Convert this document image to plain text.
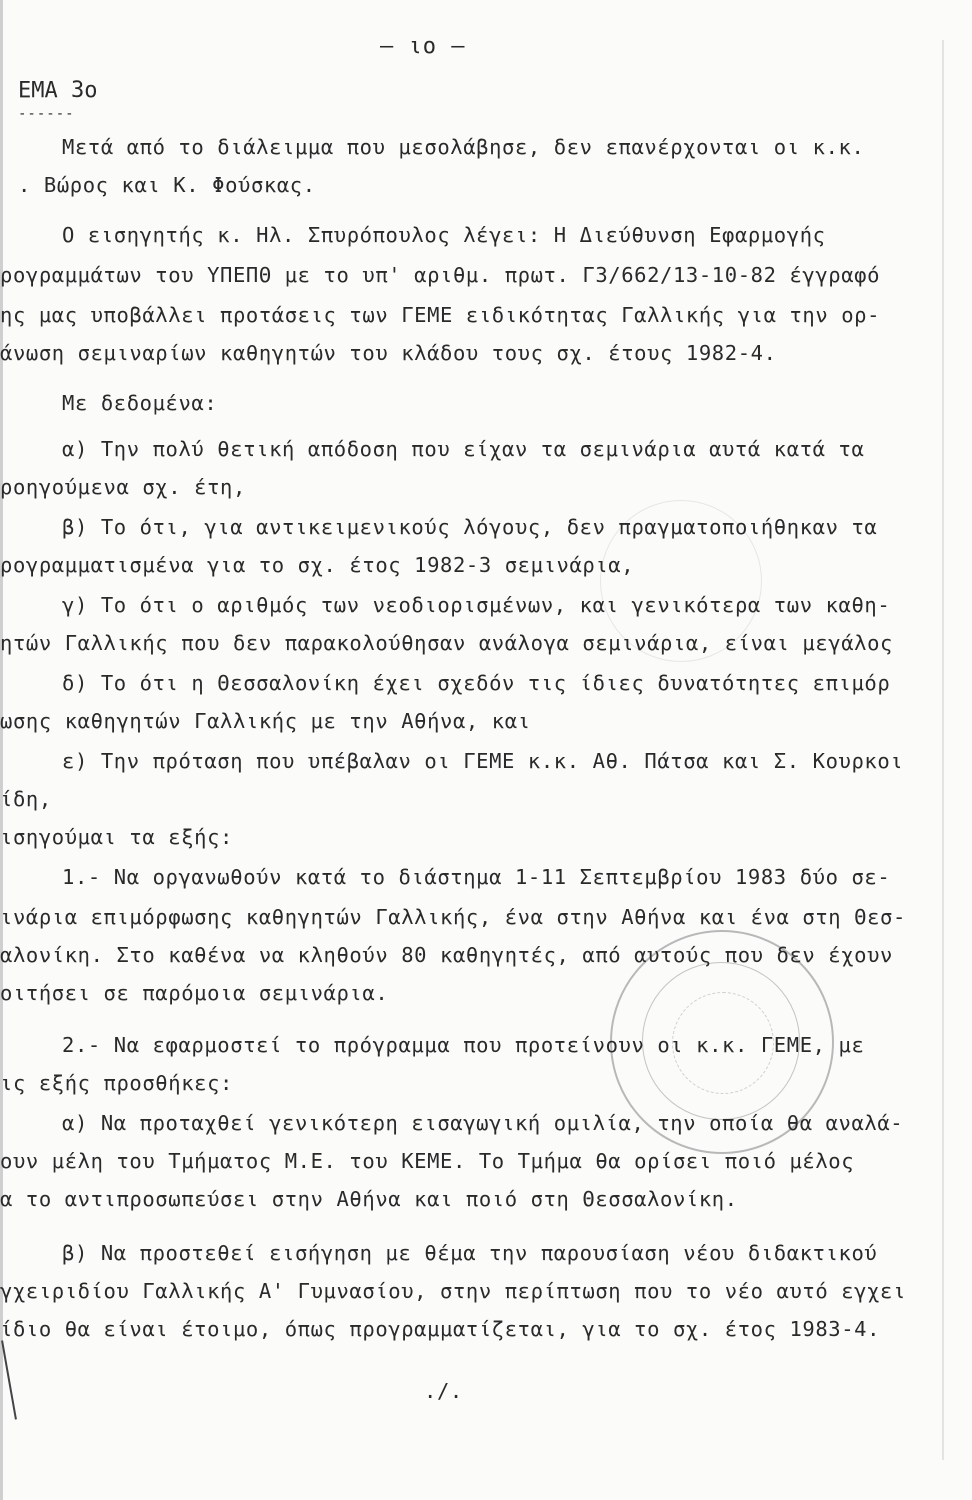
– ιο –
ΕΜΑ 3ο
------
Μετά από το διάλειμμα που μεσολάβησε, δεν επανέρχονται οι κ.κ.
. Βώρος και Κ. Φούσκας.
Ο εισηγητής κ. Ηλ. Σπυρόπουλος λέγει: Η Διεύθυνση Εφαρμογής
ρογραμμάτων του ΥΠΕΠΘ με το υπ' αριθμ. πρωτ. Γ3/662/13-10-82 έγγραφό
ης μας υποβάλλει προτάσεις των ΓΕΜΕ ειδικότητας Γαλλικής για την ορ-
άνωση σεμιναρίων καθηγητών του κλάδου τους σχ. έτους 1982-4.
Με δεδομένα:
α) Την πολύ θετική απόδοση που είχαν τα σεμινάρια αυτά κατά τα
ροηγούμενα σχ. έτη,
β) Το ότι, για αντικειμενικούς λόγους, δεν πραγματοποιήθηκαν τα
ρογραμματισμένα για το σχ. έτος 1982-3 σεμινάρια,
γ) Το ότι ο αριθμός των νεοδιορισμένων, και γενικότερα των καθη-
ητών Γαλλικής που δεν παρακολούθησαν ανάλογα σεμινάρια, είναι μεγάλος
δ) Το ότι η Θεσσαλονίκη έχει σχεδόν τις ίδιες δυνατότητες επιμόρ
ωσης καθηγητών Γαλλικής με την Αθήνα, και
ε) Την πρόταση που υπέβαλαν οι ΓΕΜΕ κ.κ. Αθ. Πάτσα και Σ. Κουρκοι
ίδη,
ισηγούμαι τα εξής:
1.- Να οργανωθούν κατά το διάστημα 1-11 Σεπτεμβρίου 1983 δύο σε-
ινάρια επιμόρφωσης καθηγητών Γαλλικής, ένα στην Αθήνα και ένα στη Θεσ-
αλονίκη. Στο καθένα να κληθούν 80 καθηγητές, από αυτούς που δεν έχουν
οιτήσει σε παρόμοια σεμινάρια.
2.- Να εφαρμοστεί το πρόγραμμα που προτείνουν οι κ.κ. ΓΕΜΕ, με
ις εξής προσθήκες:
α) Να προταχθεί γενικότερη εισαγωγική ομιλία, την οποία θα αναλά-
ουν μέλη του Τμήματος Μ.Ε. του ΚΕΜΕ. Το Τμήμα θα ορίσει ποιό μέλος
α το αντιπροσωπεύσει στην Αθήνα και ποιό στη Θεσσαλονίκη.
β) Να προστεθεί εισήγηση με θέμα την παρουσίαση νέου διδακτικού
γχειριδίου Γαλλικής Α' Γυμνασίου, στην περίπτωση που το νέο αυτό εγχει
ίδιο θα είναι έτοιμο, όπως προγραμματίζεται, για το σχ. έτος 1983-4.
./.
